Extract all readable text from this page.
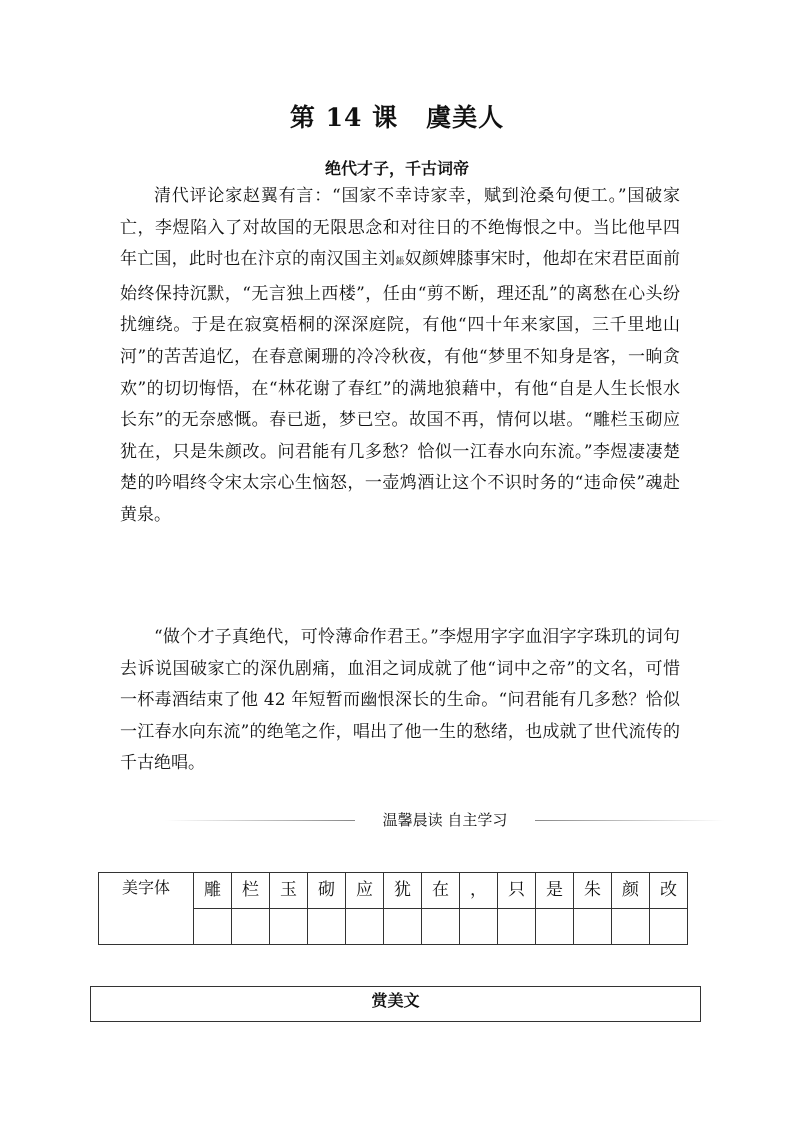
第 14 课 虞美人
绝代才子，千古词帝

清代评论家赵翼有言：“国家不幸诗家幸，赋到沧桑句便工。”国破家亡，李煜陷入了对故国的无限思念和对往日的不绝悔恨之中。当比他早四年亡国，此时也在汴京的南汉国主刘鋹奴颜婢膝事宋时，他却在宋君臣面前始终保持沉默，“无言独上西楼”，任由“剪不断，理还乱”的离愁在心头纷扰缠绕。于是在寂寞梧桐的深深庭院，有他“四十年来家国，三千里地山河”的苦苦追忆，在春意阑珊的冷冷秋夜，有他“梦里不知身是客，一晌贪欢”的切切悔悟，在“林花谢了春红”的满地狼藉中，有他“自是人生长恨水长东”的无奈感慨。春已逝，梦已空。故国不再，情何以堪。“雕栏玉砌应犹在，只是朱颜改。问君能有几多愁？恰似一江春水向东流。”李煜凄凄楚楚的吟唱终令宋太宗心生恼怒，一壶鸩酒让这个不识时务的“违命侯”魂赴黄泉。

“做个才子真绝代，可怜薄命作君王。”李煜用字字血泪字字珠玑的词句去诉说国破家亡的深仇剧痛，血泪之词成就了他“词中之帝”的文名，可惜一杯毒酒结束了他 42 年短暂而幽恨深长的生命。“问君能有几多愁？恰似一江春水向东流”的绝笔之作，唱出了他一生的愁绪，也成就了世代流传的千古绝唱。

温馨晨读 自主学习
美字体	雕	栏	玉	砌	应	犹	在	，	只	是	朱	颜	改

赏美文
